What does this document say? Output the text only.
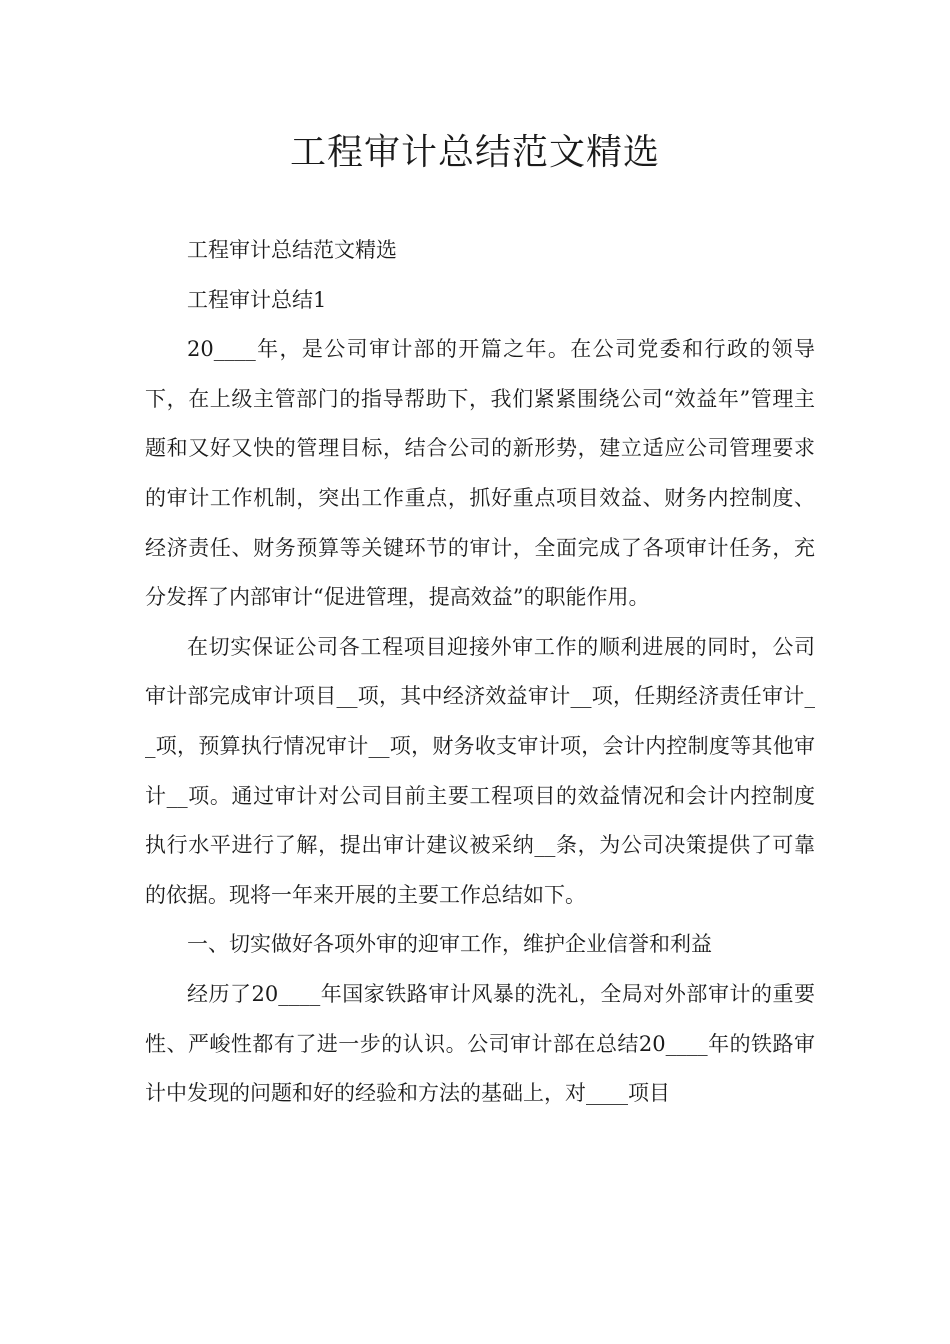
工程审计总结范文精选

工程审计总结范文精选

工程审计总结1

20____年，是公司审计部的开篇之年。在公司党委和行政的领导下，在上级主管部门的指导帮助下，我们紧紧围绕公司“效益年”管理主题和又好又快的管理目标，结合公司的新形势，建立适应公司管理要求的审计工作机制，突出工作重点，抓好重点项目效益、财务内控制度、经济责任、财务预算等关键环节的审计，全面完成了各项审计任务，充分发挥了内部审计“促进管理，提高效益”的职能作用。

在切实保证公司各工程项目迎接外审工作的顺利进展的同时，公司审计部完成审计项目__项，其中经济效益审计__项，任期经济责任审计__项，预算执行情况审计__项，财务收支审计项，会计内控制度等其他审计__项。通过审计对公司目前主要工程项目的效益情况和会计内控制度执行水平进行了解，提出审计建议被采纳__条，为公司决策提供了可靠的依据。现将一年来开展的主要工作总结如下。

一、切实做好各项外审的迎审工作，维护企业信誉和利益

经历了20____年国家铁路审计风暴的洗礼，全局对外部审计的重要性、严峻性都有了进一步的认识。公司审计部在总结20____年的铁路审计中发现的问题和好的经验和方法的基础上，对____项目
